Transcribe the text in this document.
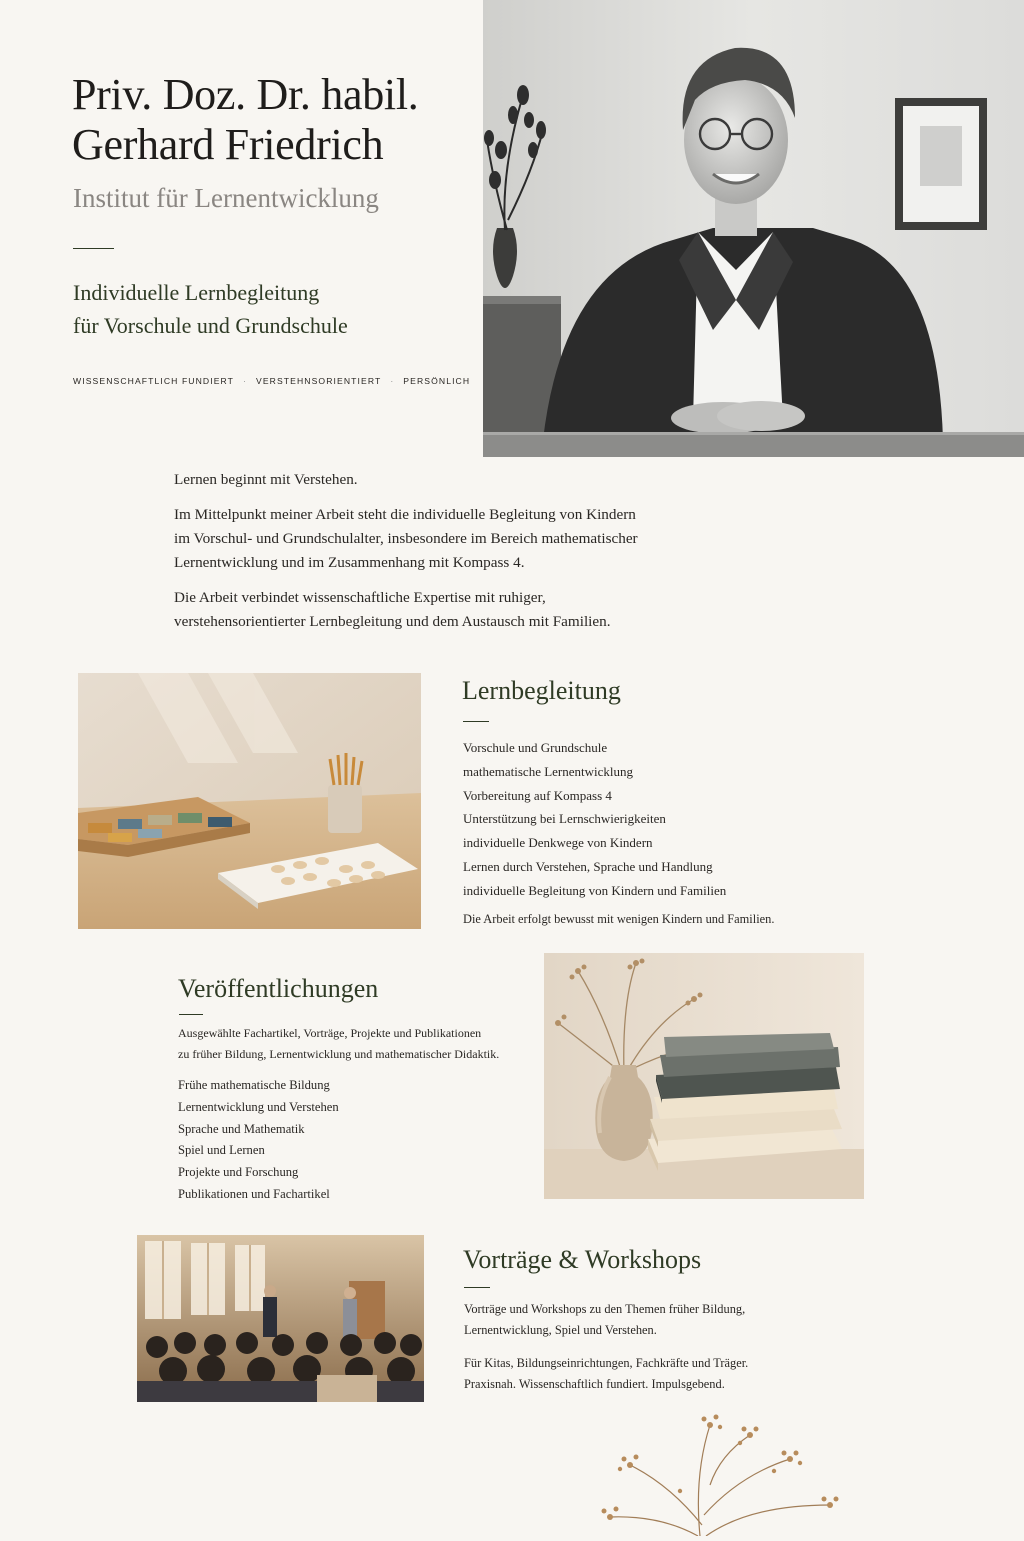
Priv. Doz. Dr. habil.
Gerhard Friedrich
Institut für Lernentwicklung
Individuelle Lernbegleitung
für Vorschule und Grundschule
WISSENSCHAFTLICH FUNDIERT · VERSTEHNSORIENTIERT · PERSÖNLICH

Lernen beginnt mit Verstehen.

Im Mittelpunkt meiner Arbeit steht die individuelle Begleitung von Kindern
im Vorschul- und Grundschulalter, insbesondere im Bereich mathematischer
Lernentwicklung und im Zusammenhang mit Kompass 4.

Die Arbeit verbindet wissenschaftliche Expertise mit ruhiger,
verstehensorientierter Lernbegleitung und dem Austausch mit Familien.

Lernbegleitung
Vorschule und Grundschule
mathematische Lernentwicklung
Vorbereitung auf Kompass 4
Unterstützung bei Lernschwierigkeiten
individuelle Denkwege von Kindern
Lernen durch Verstehen, Sprache und Handlung
individuelle Begleitung von Kindern und Familien
Die Arbeit erfolgt bewusst mit wenigen Kindern und Familien.
Veröffentlichungen
Ausgewählte Fachartikel, Vorträge, Projekte und Publikationen
zu früher Bildung, Lernentwicklung und mathematischer Didaktik.
Frühe mathematische Bildung
Lernentwicklung und Verstehen
Sprache und Mathematik
Spiel und Lernen
Projekte und Forschung
Publikationen und Fachartikel
Vorträge & Workshops
Vorträge und Workshops zu den Themen früher Bildung,
Lernentwicklung, Spiel und Verstehen.
Für Kitas, Bildungseinrichtungen, Fachkräfte und Träger.
Praxisnah. Wissenschaftlich fundiert. Impulsgebend.
